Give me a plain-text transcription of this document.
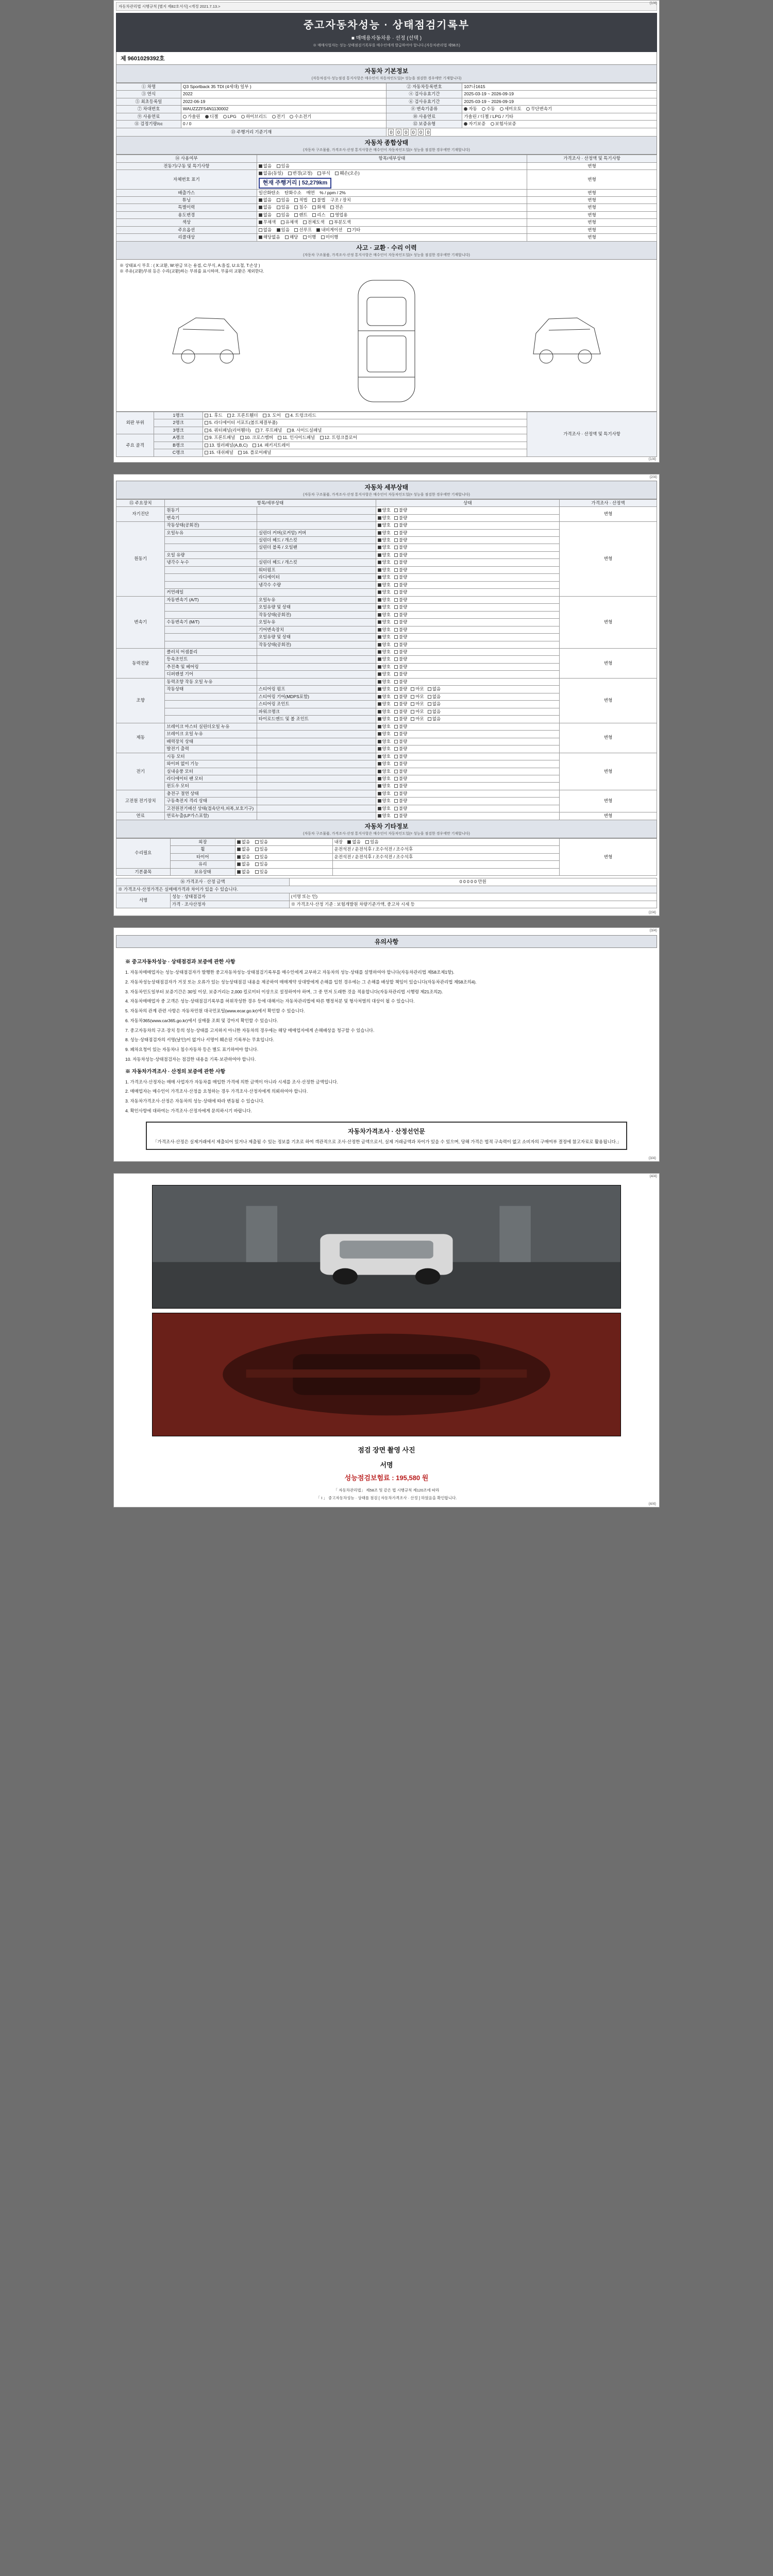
(1/4)
자동차관리법 시행규칙 [별지 제82호서식] <개정 2021.7.13.>
중고자동차성능 · 상태점검기록부
■ 매매용자동차용 · 선정 (선택 )
※ 매매사업자는 성능·상태점검기록부를 매수인에게 발급하여야 합니다.(자동차관리법 제58조)
제 9601029392호
자동차 기본정보
(자동차검사·성능점검 통지사항은 매수인이 자동차인도일(= 성능을 점검한 경우에만 기재합니다)
① 차명	Q3 Sportback 35 TDI (4세대) 일부 )	② 자동차등록번호	107나1615
③ 연식	2022	④ 검사유효기간	2025-03-19 ~ 2026-09-19
⑤ 최초등록일	2022-06-19	⑥ 검사유효기간	2025-03-19 ~ 2026-09-19
⑦ 차대번호	WAUZZZF54N1130002	⑧ 변속기종류	자동 수동 세미오토 무단변속기
⑨ 사용연료	가솔린 디젤 LPG 하이브리드 전기 수소전기	⑩ 사용연료	가솔린 / 디젤 / LPG / 기타
⑪ 검정기량/cc	0 / 0	⑫ 보증유형	자기보증 보험사보증
⑬ 주행거리 기준기재		0 0 0 0 0 0	
자동차 종합상태
(자동차 구조물품, 가격조사·산정 통지사항은 매수인이 자동차인도일(= 성능을 점검한 경우에만 기재합니다)
⑭ 사용여부	항목/세부상태	가격조사 · 산정액 및 특기사항
전동기/구동 및 특기사항	없음 있음	변형
자체번호 표기	없음(동일) 변경(교정) 부식 훼손(오손)
현재 주행거리 | 52,279km	변형
배출가스	일산화탄소 탄화수소 매연 % / ppm / 2%	변형
튜닝	없음 있음 적법 불법 구조 / 장치	변형
특별이력	없음 있음 침수 화재 전손	변형
용도변경	없음 있음 렌트 리스 영업용	변형
색상	무채색 유채색 전체도색 부분도색	변형
주요옵션	없음 있음 선루프 내비게이션 기타	변형
리콜대상	해당없음 해당 이행 미이행	변형
사고 · 교환 · 수리 이력
(자동차 구조물품, 가격조사·산정 통지사항은 매수인이 자동차인도일(= 성능을 점검한 경우에만 기재합니다)
※ 상태표시 부호 : ( X:교환, W:판금 또는 용접, C:부식, A:흠집, U:요철, T:손상 )
※ 주유(교환)부위 등은 수리(교환)하는 부위를 표시하며, 부품의 교환은 제외한다.
외판 부위	1랭크	1. 후드 2. 프론트휀더 3. 도어 4. 트렁크리드	가격조사 · 산정액 및 특기사항
	2랭크	5. 라디에이터 서포트(볼트체결부품)	
	3랭크	6. 쿼터패널(리어휀더) 7. 루프패널 8. 사이드실패널	
주요 골격	A랭크	9. 프론트패널 10. 크로스멤버 11. 인사이드패널 12. 트렁크플로어	
	B랭크	13. 필러패널(A,B,C) 14. 패키지트레이	
	C랭크	15. 대쉬패널 16. 플로어패널	
(1/4)
(2/4)
자동차 세부상태
(자동차 구조물품, 가격조사·산정 통지사항은 매수인이 자동차인도일(= 성능을 점검한 경우에만 기재합니다)
⑮ 주요장치	항목/세부상태		상태	가격조사 · 산정액
자기진단	원동기		양호 불량	변형
	변속기		양호 불량	
원동기	작동상태(공회전)		양호 불량	변형
	오일누유	실린더 커버(로커암) 커버	양호 불량	
		실린더 헤드 / 개스킷	양호 불량	
		실린더 블록 / 오일팬	양호 불량	
	오일 유량		양호 불량	
	냉각수 누수	실린더 헤드 / 개스킷	양호 불량	
		워터펌프	양호 불량	
		라디에이터	양호 불량	
		냉각수 수량	양호 불량	
	커먼레일		양호 불량	
변속기	자동변속기 (A/T)	오일누유	양호 불량	변형
		오일유량 및 상태	양호 불량	
		작동상태(공회전)	양호 불량	
	수동변속기 (M/T)	오일누유	양호 불량	
		기어변속장치	양호 불량	
		오일유량 및 상태	양호 불량	
		작동상태(공회전)	양호 불량	
동력전달	클러치 어셈블리		양호 불량	변형
	등속조인트		양호 불량	
	추진축 및 베어링		양호 불량	
	디퍼렌셜 기어		양호 불량	
조향	동력조향 작동 오일 누유		양호 불량	변형
	작동상태	스티어링 펌프	양호 불량 마모 없음	
		스티어링 기어(MDPS포함)	양호 불량 마모 없음	
		스티어링 조인트	양호 불량 마모 없음	
		파워크랭크	양호 불량 마모 없음	
		타이로드엔드 및 볼 조인트	양호 불량 마모 없음	
제동	브레이크 마스터 실린더오일 누유		양호 불량	변형
	브레이크 오일 누유		양호 불량	
	배력장치 상태		양호 불량	
	발전기 출력		양호 불량	
전기	시동 모터		양호 불량	변형
	와이퍼 없이 기능		양호 불량	
	실내송풍 모터		양호 불량	
	라디에이터 팬 모터		양호 불량	
	윈도우 모터		양호 불량	
고전원 전기장치	충전구 절연 상태		양호 불량	변형
	구동축전지 격리 상태		양호 불량	
	고전원전기배선 상태(접속단자,피복,보호기구)		양호 불량	
연료	연료누출(LP가스포함)		양호 불량	변형
자동차 기타정보
(자동차 구조물품, 가격조사·산정 통지사항은 매수인이 자동차인도일(= 성능을 점검한 경우에만 기재합니다)
수리필요	외장	없음 있음	내장 없음 있음	변형
	휠	없음 있음	운전석전 / 운전석후 / 조수석전 / 조수석후	
	타이어	없음 있음	운전석전 / 운전석후 / 조수석전 / 조수석후	
	유리	없음 있음		
기본품목	보유상태	없음 있음		
⑯ 가격조사 · 산정 금액		0 0 0 0 0 만원
※ 가격조사·산정가격은 실매매가격과 차이가 있을 수 있습니다.		
서명	성능 · 상태점검자	(서명 또는 인)
	가격 · 조사산정자	※ 가격조사·산정 기준 : 보험개발원 차량기준가액, 중고차 시세 등
(2/4)
(3/4)
유의사항
※ 중고자동차성능 · 상태점검과 보증에 관한 사항

1. 자동차매매업자는 성능·상태점검자가 발행한 중고자동차성능·상태점검기록부를 매수인에게 교부하고 자동차의 성능·상태를 설명하여야 합니다(자동차관리법 제58조제1항).

2. 자동차성능상태점검자가 거짓 또는 오류가 있는 성능상태점검 내용을 제공하여 매매계약 상대방에게 손해를 입힌 경우에는 그 손해를 배상할 책임이 있습니다(자동차관리법 제58조의4).

3. 자동차인도일부터 보증기간은 30일 이상, 보증거리는 2,000 킬로미터 이상으로 설정하여야 하며, 그 중 먼저 도래한 것을 적용합니다(자동차관리법 시행령 제21조의2).

4. 자동차매매업자 중 고객은 성능·상태점검기록부를 허위작성한 경우 등에 대해서는 자동차관리법에 따른 행정처분 및 형사처벌의 대상이 될 수 있습니다.

5. 자동차의 관계 관련 사항은 자동차민원 대국민포털(www.ecar.go.kr)에서 확인할 수 있습니다.

6. 자동차365(www.car365.go.kr)에서 실매물 조회 및 강아지 확인할 수 있습니다.

7. 중고자동차의 구조·장치 등의 성능·상태를 고지하지 아니한 자동차의 경우에는 해당 매매업자에게 손해배상을 청구할 수 있습니다.

8. 성능·상태점검자의 서명(날인)이 없거나 서명이 훼손된 기록부는 무효입니다.

9. 폐차요청이 있는 자동차나 침수자동차 등은 별도 표기하여야 합니다.

10. 자동차성능·상태점검자는 점검한 내용을 기록·보관하여야 합니다.

※ 자동차가격조사 · 산정의 보증에 관한 사항

1. 가격조사·산정자는 매매 사업자가 자동차를 매입한 가격에 의한 금액이 아니라 시세를 조사·산정한 금액입니다.

2. 매매업자는 매수인이 가격조사·산정을 요청하는 경우 가격조사·산정자에게 의뢰하여야 합니다.

3. 자동차가격조사·산정은 자동차의 성능·상태에 따라 변동될 수 있습니다.

4. 확인사항에 대하여는 가격조사·산정자에게 문의하시기 바랍니다.

자동차가격조사 · 산정선언문
「가격조사·산정은 실제거래에서 제출되어 있거나 제출될 수 있는 정보를 기초로 하여 객관적으로 조사·산정한 금액으로서, 실제 거래금액과 차이가 있을 수 있으며, 당해 가격은 법적 구속력이 없고 소비자의 구매여부 결정에 참고자료로 활용됩니다.」
(3/4)
(4/4)
점검 장면 촬영 사진
서명
성능점검보험료 : 195,580 원
「 자동차관리법」 제58조 및 같은 법 시행규칙 제120조에 따라
「 I 」 중고자동차성능 · 상태를 점검 [ 자동차가격조사 · 산정 ] 하였음을 확인합니다.
(4/4)
